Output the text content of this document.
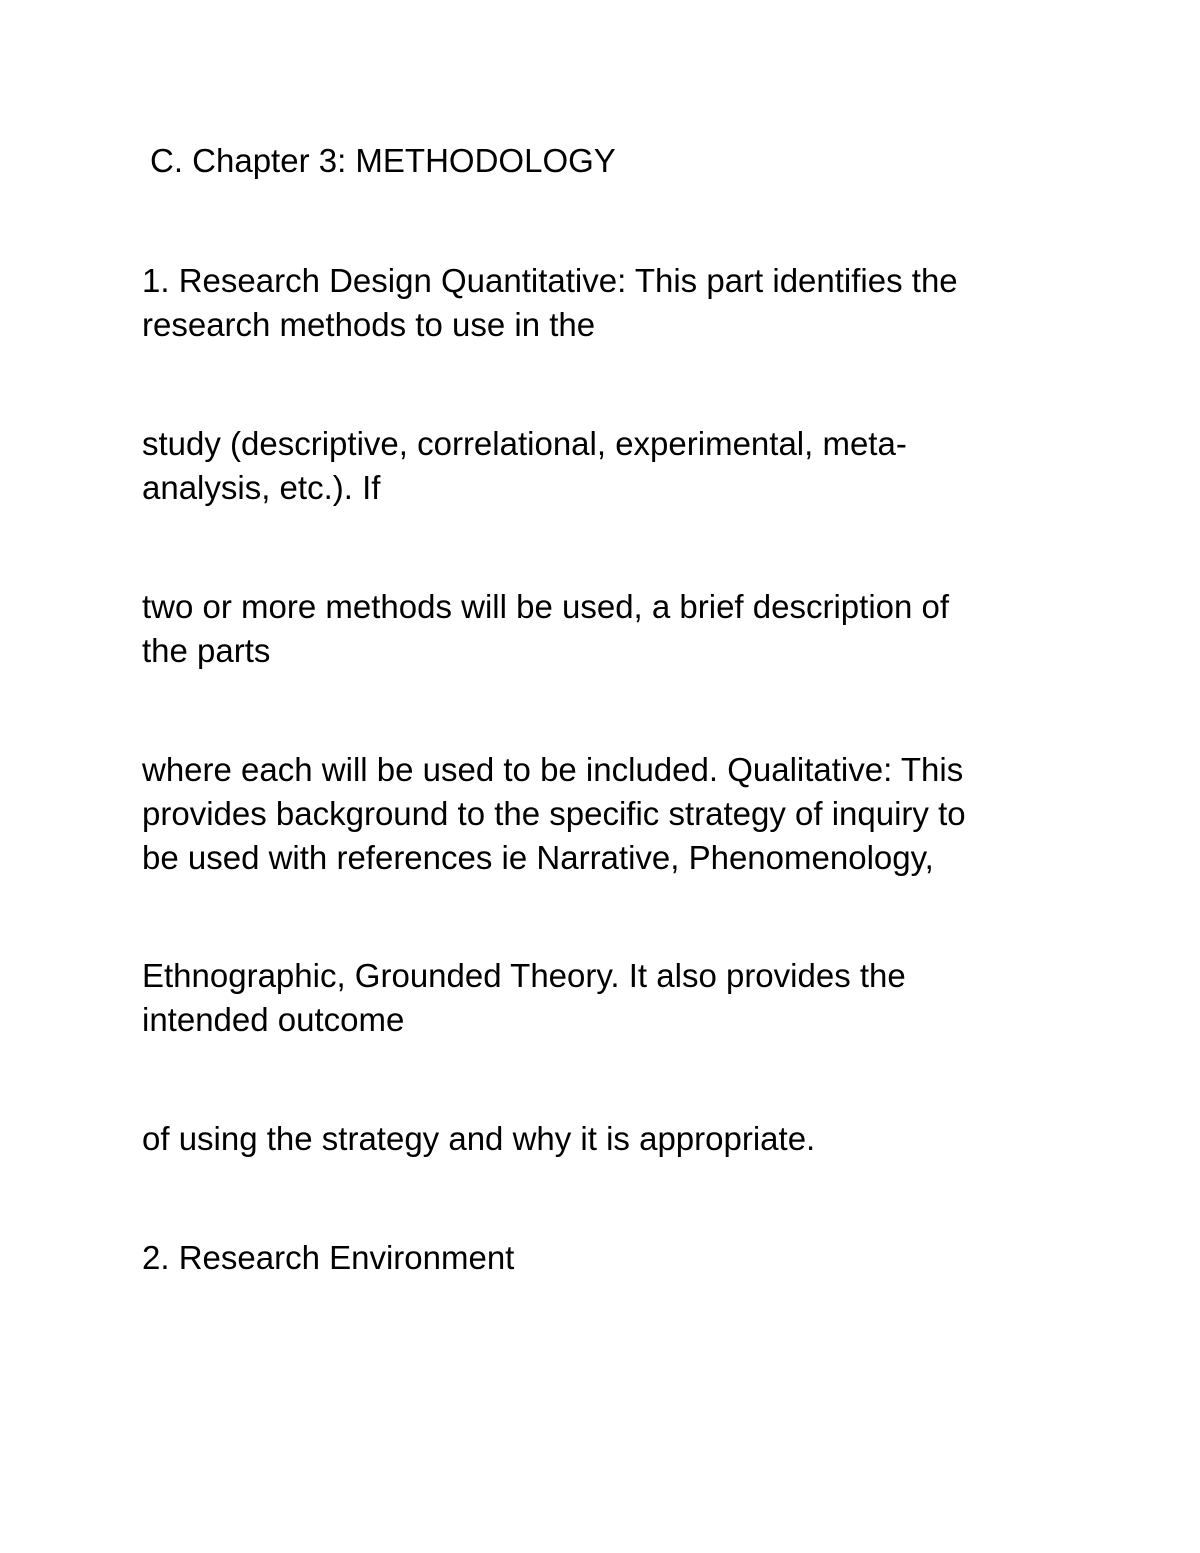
C. Chapter 3: METHODOLOGY

1. Research Design Quantitative: This part identifies the

research methods to use in the

study (descriptive, correlational, experimental, meta-

analysis, etc.). If

two or more methods will be used, a brief description of

the parts

where each will be used to be included. Qualitative: This

provides background to the specific strategy of inquiry to

be used with references ie Narrative, Phenomenology,

Ethnographic, Grounded Theory. It also provides the

intended outcome

of using the strategy and why it is appropriate.

2. Research Environment
